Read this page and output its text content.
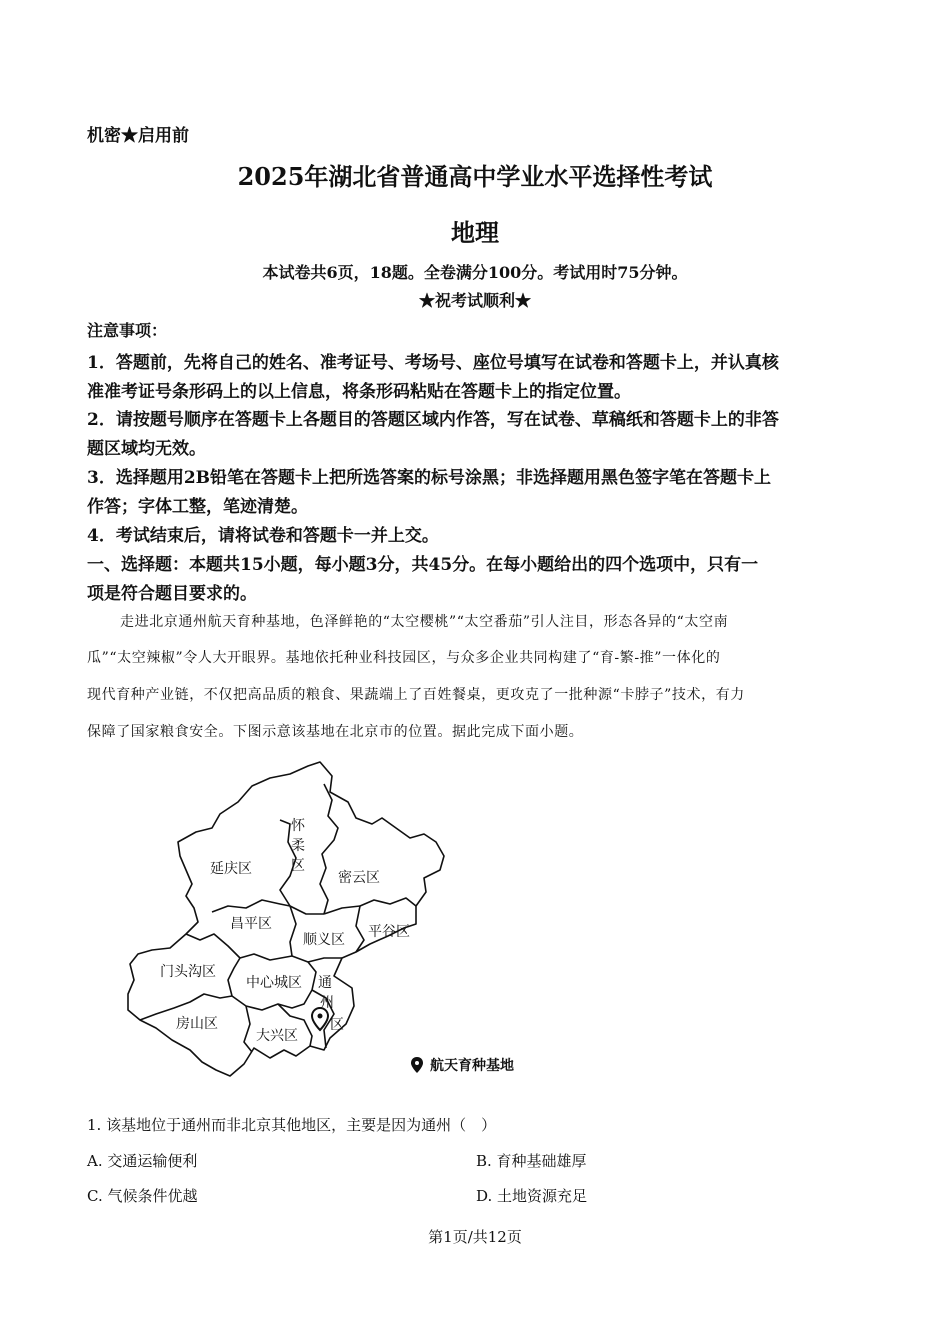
机密★启用前
2025年湖北省普通高中学业水平选择性考试
地理
本试卷共6页，18题。全卷满分100分。考试用时75分钟。
★祝考试顺利★
注意事项：
1．答题前，先将自己的姓名、准考证号、考场号、座位号填写在试卷和答题卡上，并认真核
准准考证号条形码上的以上信息，将条形码粘贴在答题卡上的指定位置。
2．请按题号顺序在答题卡上各题目的答题区域内作答，写在试卷、草稿纸和答题卡上的非答
题区域均无效。
3．选择题用2B铅笔在答题卡上把所选答案的标号涂黑；非选择题用黑色签字笔在答题卡上
作答；字体工整，笔迹清楚。
4．考试结束后，请将试卷和答题卡一并上交。
一、选择题：本题共15小题，每小题3分，共45分。在每小题给出的四个选项中，只有一
项是符合题目要求的。
走进北京通州航天育种基地，色泽鲜艳的“太空樱桃”“太空番茄”引人注目，形态各异的“太空南
瓜”“太空辣椒”令人大开眼界。基地依托种业科技园区，与众多企业共同构建了“育-繁-推”一体化的
现代育种产业链，不仅把高品质的粮食、果蔬端上了百姓餐桌，更攻克了一批种源“卡脖子”技术，有力
保障了国家粮食安全。下图示意该基地在北京市的位置。据此完成下面小题。
怀
柔
区
延庆区
密云区
昌平区
顺义区 平谷区
门头沟区
中心城区 通
州
区
房山区
大兴区
航天育种基地
1. 该基地位于通州而非北京其他地区，主要是因为通州（　）
A. 交通运输便利	B. 育种基础雄厚
C. 气候条件优越	D. 土地资源充足
第1页/共12页
